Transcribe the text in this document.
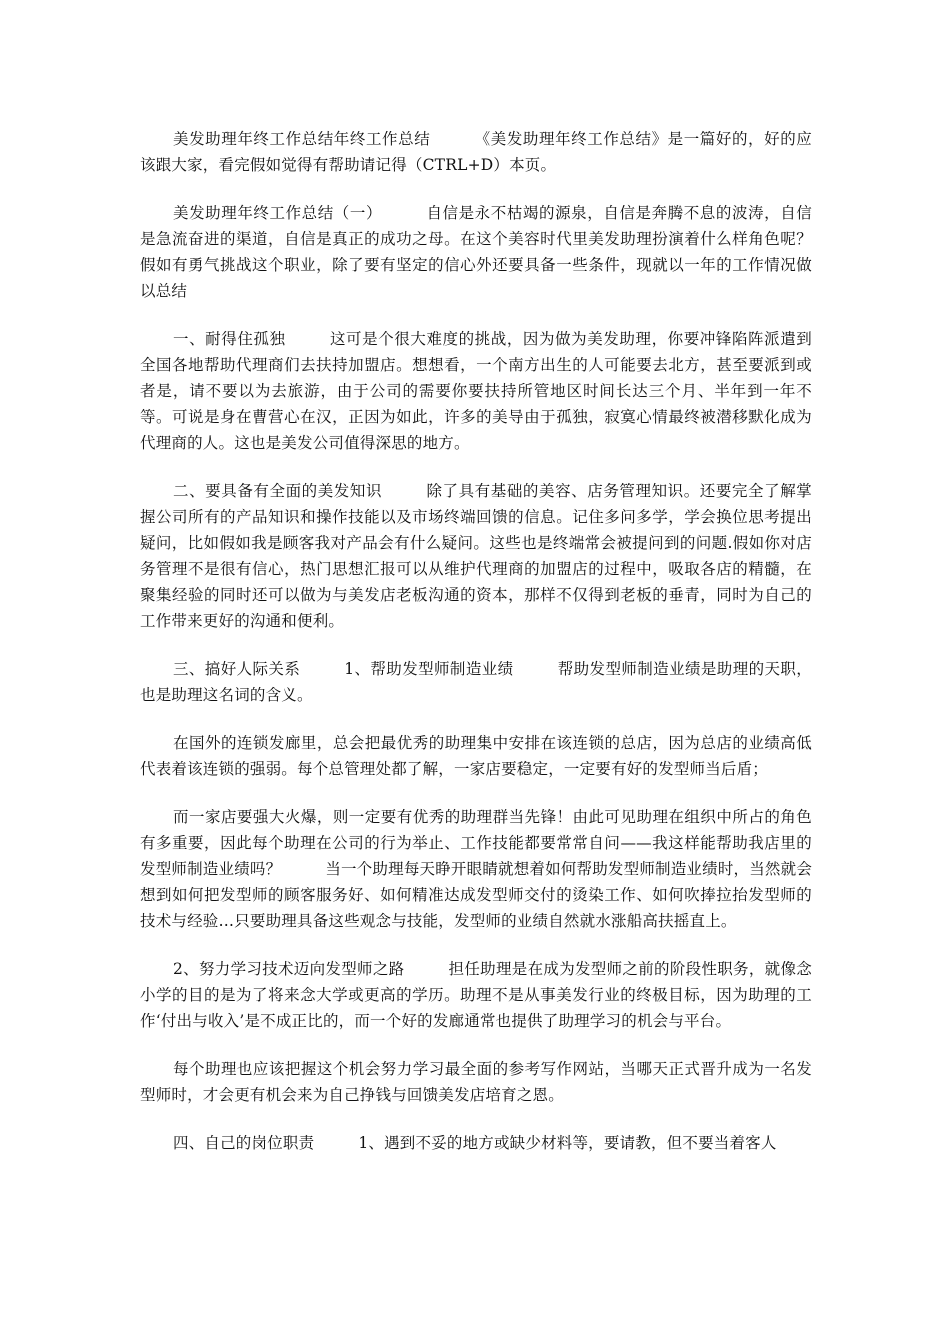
美发助理年终工作总结年终工作总结	《美发助理年终工作总结》是一篇好的，好的应该跟大家，看完假如觉得有帮助请记得（CTRL+D）本页。

美发助理年终工作总结（一）	自信是永不枯竭的源泉，自信是奔腾不息的波涛，自信是急流奋进的渠道，自信是真正的成功之母。在这个美容时代里美发助理扮演着什么样角色呢？假如有勇气挑战这个职业，除了要有坚定的信心外还要具备一些条件，现就以一年的工作情况做以总结

一、耐得住孤独	这可是个很大难度的挑战，因为做为美发助理，你要冲锋陷阵派遣到全国各地帮助代理商们去扶持加盟店。想想看，一个南方出生的人可能要去北方，甚至要派到或者是，请不要以为去旅游，由于公司的需要你要扶持所管地区时间长达三个月、半年到一年不等。可说是身在曹营心在汉，正因为如此，许多的美导由于孤独，寂寞心情最终被潜移默化成为代理商的人。这也是美发公司值得深思的地方。

二、要具备有全面的美发知识	除了具有基础的美容、店务管理知识。还要完全了解掌握公司所有的产品知识和操作技能以及市场终端回馈的信息。记住多问多学，学会换位思考提出疑问，比如假如我是顾客我对产品会有什么疑问。这些也是终端常会被提问到的问题.假如你对店务管理不是很有信心，热门思想汇报可以从维护代理商的加盟店的过程中，吸取各店的精髓，在聚集经验的同时还可以做为与美发店老板沟通的资本，那样不仅得到老板的垂青，同时为自己的工作带来更好的沟通和便利。

三、搞好人际关系	1、帮助发型师制造业绩	帮助发型师制造业绩是助理的天职，也是助理这名词的含义。

在国外的连锁发廊里，总会把最优秀的助理集中安排在该连锁的总店，因为总店的业绩高低代表着该连锁的强弱。每个总管理处都了解，一家店要稳定，一定要有好的发型师当后盾；

而一家店要强大火爆，则一定要有优秀的助理群当先锋！由此可见助理在组织中所占的角色有多重要，因此每个助理在公司的行为举止、工作技能都要常常自问——我这样能帮助我店里的发型师制造业绩吗？	当一个助理每天睁开眼睛就想着如何帮助发型师制造业绩时，当然就会想到如何把发型师的顾客服务好、如何精准达成发型师交付的烫染工作、如何吹捧拉抬发型师的技术与经验…只要助理具备这些观念与技能，发型师的业绩自然就水涨船高扶摇直上。

2、努力学习技术迈向发型师之路	担任助理是在成为发型师之前的阶段性职务，就像念小学的目的是为了将来念大学或更高的学历。助理不是从事美发行业的终极目标，因为助理的工作‘付出与收入’是不成正比的，而一个好的发廊通常也提供了助理学习的机会与平台。

每个助理也应该把握这个机会努力学习最全面的参考写作网站，当哪天正式晋升成为一名发型师时，才会更有机会来为自己挣钱与回馈美发店培育之恩。

四、自己的岗位职责	1、遇到不妥的地方或缺少材料等，要请教，但不要当着客人
